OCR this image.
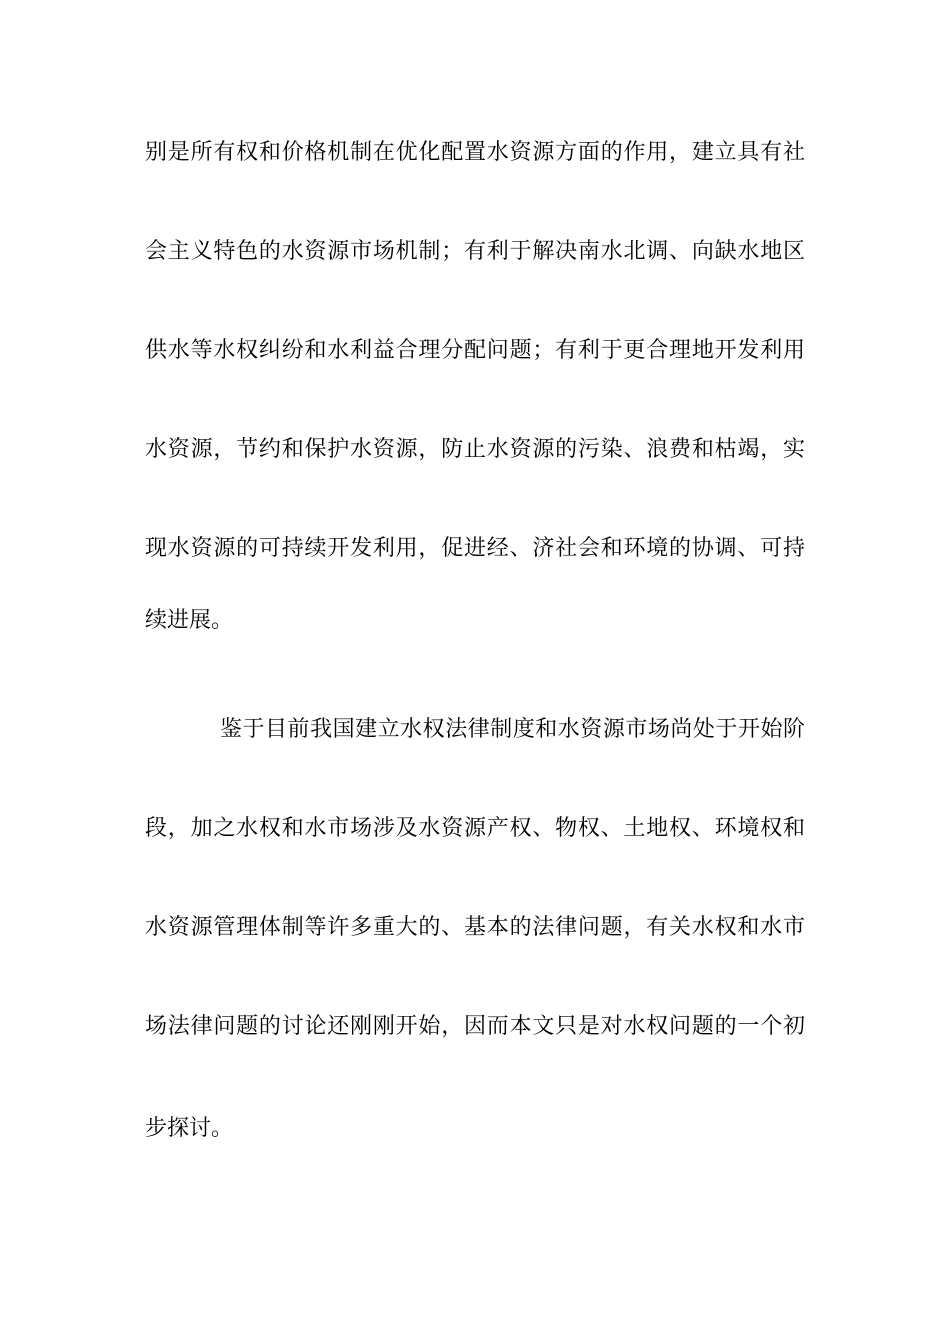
别是所有权和价格机制在优化配置水资源方面的作用，建立具有社
会主义特色的水资源市场机制；有利于解决南水北调、向缺水地区
供水等水权纠纷和水利益合理分配问题；有利于更合理地开发利用
水资源，节约和保护水资源，防止水资源的污染、浪费和枯竭，实
现水资源的可持续开发利用，促进经、济社会和环境的协调、可持
续进展。
鉴于目前我国建立水权法律制度和水资源市场尚处于开始阶
段，加之水权和水市场涉及水资源产权、物权、土地权、环境权和
水资源管理体制等许多重大的、基本的法律问题，有关水权和水市
场法律问题的讨论还刚刚开始，因而本文只是对水权问题的一个初
步探讨。
